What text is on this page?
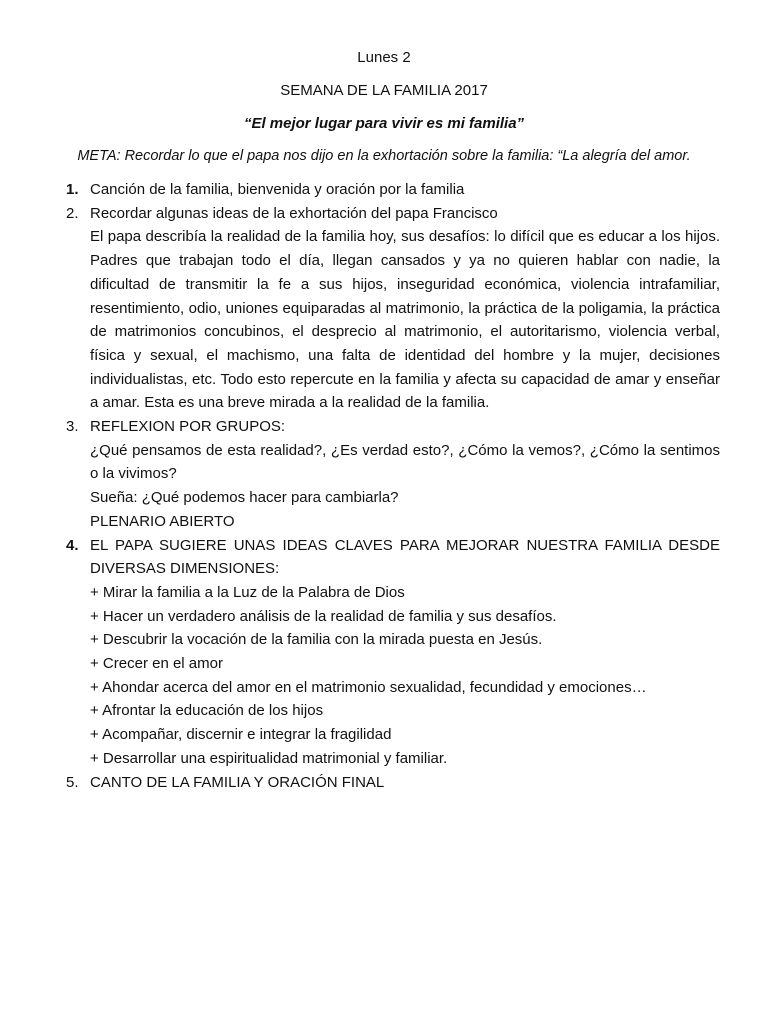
Lunes 2

SEMANA DE LA FAMILIA 2017

“El mejor lugar para vivir es mi familia”

META: Recordar lo que el papa nos dijo en la exhortación sobre la familia: “La alegría del amor.

1. Canción de la familia, bienvenida y oración por la familia

2. Recordar algunas ideas de la exhortación del papa Francisco

El papa describía la realidad de la familia hoy, sus desafíos: lo difícil que es educar a los hijos. Padres que trabajan todo el día, llegan cansados y ya no quieren hablar con nadie, la dificultad de transmitir la fe a sus hijos, inseguridad económica, violencia intrafamiliar, resentimiento, odio, uniones equiparadas al matrimonio, la práctica de la poligamia, la práctica de matrimonios concubinos, el desprecio al matrimonio, el autoritarismo, violencia verbal, física y sexual, el machismo, una falta de identidad del hombre y la mujer, decisiones individualistas, etc. Todo esto repercute en la familia y afecta su capacidad de amar y enseñar a amar. Esta es una breve mirada a la realidad de la familia.

3. REFLEXION POR GRUPOS:

¿Qué pensamos de esta realidad?, ¿Es verdad esto?, ¿Cómo la vemos?, ¿Cómo la sentimos o la vivimos?

Sueña: ¿Qué podemos hacer para cambiarla?

PLENARIO ABIERTO

4. EL PAPA SUGIERE UNAS IDEAS CLAVES PARA MEJORAR NUESTRA FAMILIA DESDE DIVERSAS DIMENSIONES:

+ Mirar la familia a la Luz de la Palabra de Dios

+ Hacer un verdadero análisis de la realidad de familia y sus desafíos.

+ Descubrir la vocación de la familia con la mirada puesta en Jesús.

+ Crecer en el amor

+ Ahondar acerca del amor en el matrimonio sexualidad, fecundidad y emociones…

+ Afrontar la educación de los hijos

+ Acompañar, discernir e integrar la fragilidad

+ Desarrollar una espiritualidad matrimonial y familiar.

5. CANTO DE LA FAMILIA Y ORACIÓN FINAL
